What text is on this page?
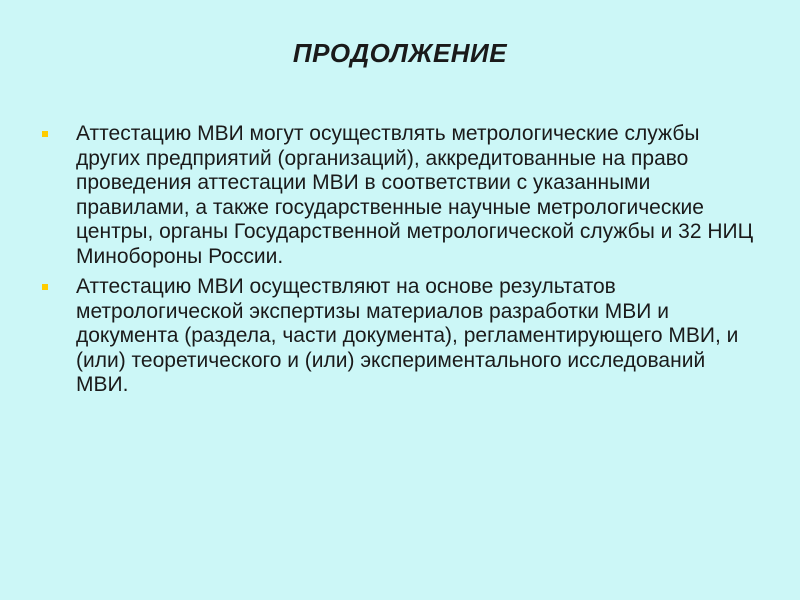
ПРОДОЛЖЕНИЕ
Аттестацию МВИ могут осуществлять метрологические службы других предприятий (организаций), аккредитованные на право проведения аттестации МВИ в соответствии с указанными правилами, а также государственные научные метрологические центры, органы Государственной метрологической службы и 32 НИЦ Минобороны России.
Аттестацию МВИ осуществляют на основе результатов метрологической экспертизы материалов разработки МВИ и документа (раздела, части документа), регламентирующего МВИ, и (или) теоретического и (или) экспериментального исследований МВИ.
